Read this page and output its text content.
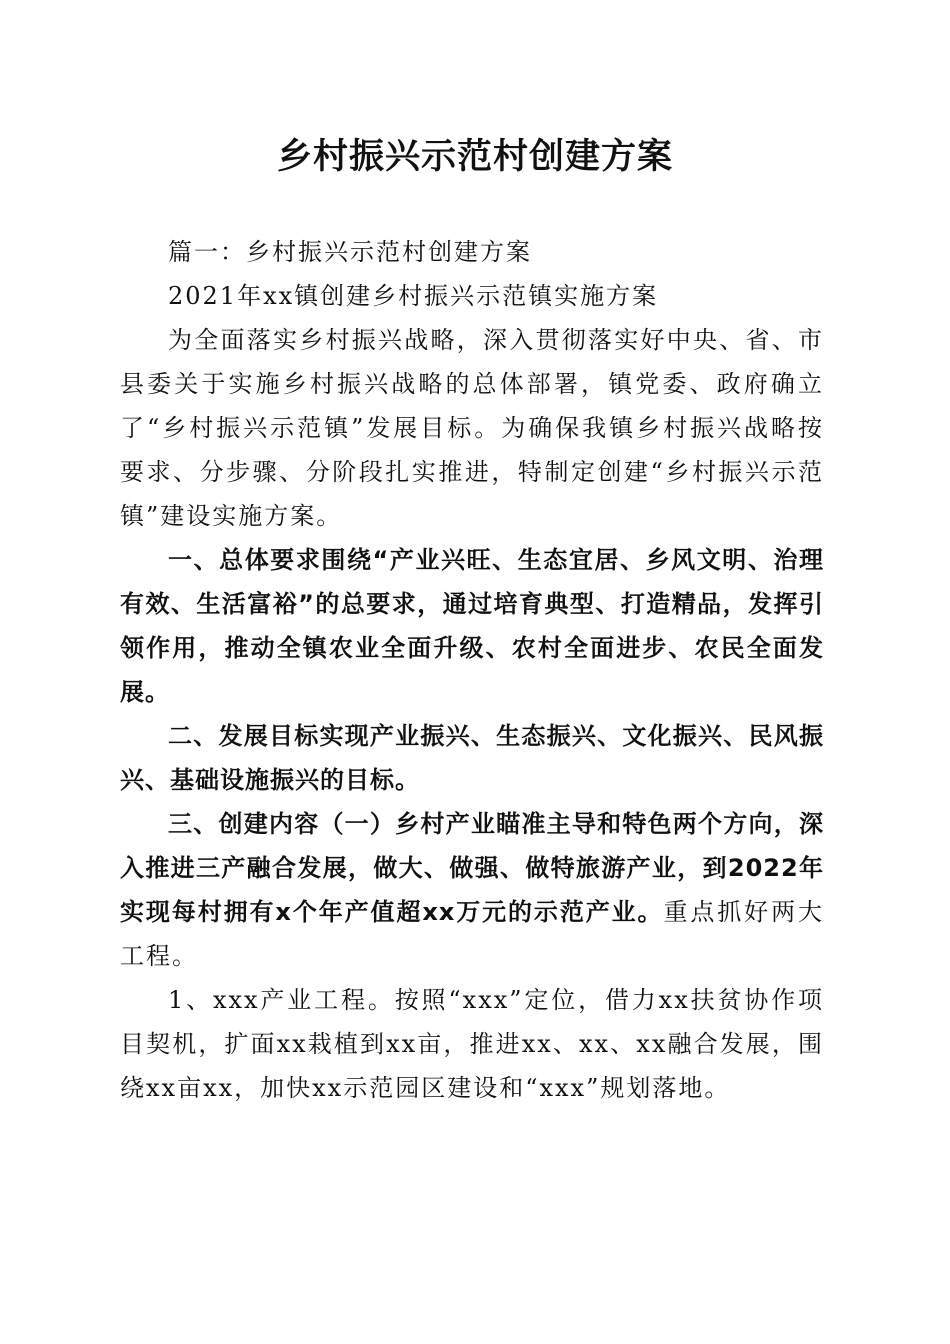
乡村振兴示范村创建方案

篇一：乡村振兴示范村创建方案

2021年xx镇创建乡村振兴示范镇实施方案

为全面落实乡村振兴战略，深入贯彻落实好中央、省、市县委关于实施乡村振兴战略的总体部署，镇党委、政府确立了“乡村振兴示范镇”发展目标。为确保我镇乡村振兴战略按要求、分步骤、分阶段扎实推进，特制定创建“乡村振兴示范镇”建设实施方案。

一、总体要求围绕“产业兴旺、生态宜居、乡风文明、治理有效、生活富裕”的总要求，通过培育典型、打造精品，发挥引领作用，推动全镇农业全面升级、农村全面进步、农民全面发展。

二、发展目标实现产业振兴、生态振兴、文化振兴、民风振兴、基础设施振兴的目标。

三、创建内容（一）乡村产业瞄准主导和特色两个方向，深入推进三产融合发展，做大、做强、做特旅游产业，到2022年实现每村拥有x个年产值超xx万元的示范产业。重点抓好两大工程。

1、xxx产业工程。按照“xxx”定位，借力xx扶贫协作项目契机，扩面xx栽植到xx亩，推进xx、xx、xx融合发展，围绕xx亩xx，加快xx示范园区建设和“xxx”规划落地。
